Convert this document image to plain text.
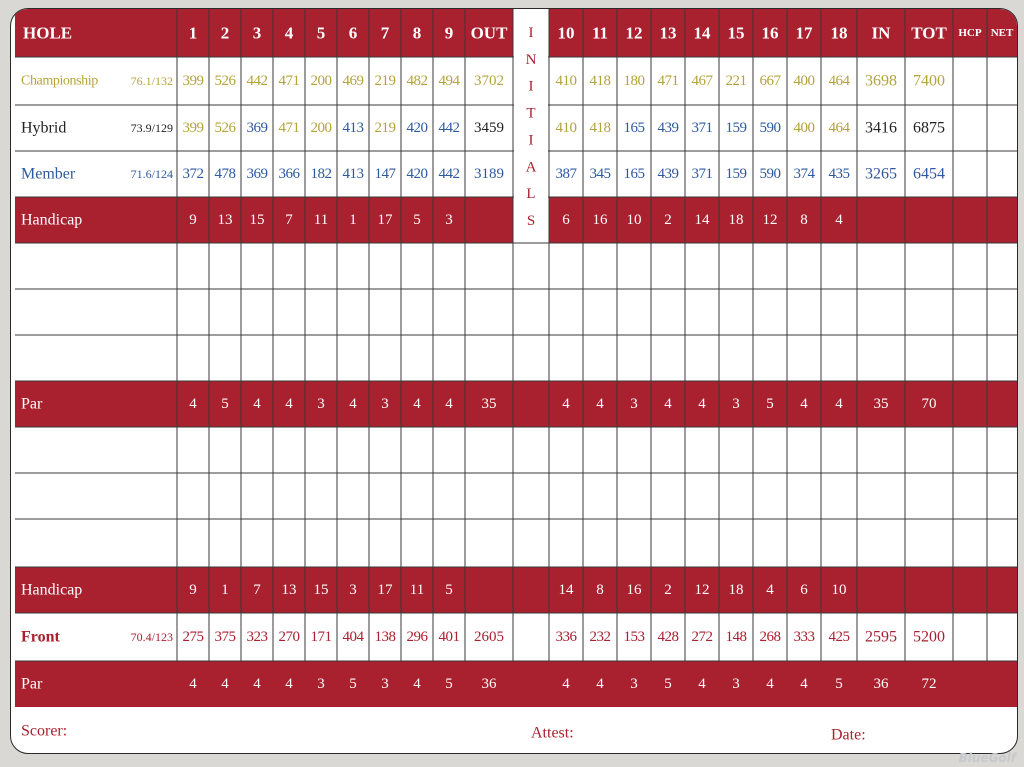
HOLE	1 2 3 4 5 6 7 8 9 OUT	10 11 12 13 14 15 16 17 18 IN TOT HCP NET
I
N
I
T
I
A
L
S
Championship	76.1/132 399 526 442 471 200 469 219 482 494 3702	410 418 180 471 467 221 667 400 464 3698 7400
Hybrid	73.9/129 399 526 369 471 200 413 219 420 442 3459	410 418 165 439 371 159 590 400 464 3416 6875
Member	71.6/124 372 478 369 366 182 413 147 420 442 3189	387 345 165 439 371 159 590 374 435 3265 6454
Handicap	9 13 15 7 11 1 17 5 3	6 16 10 2 14 18 12 8 4
Par	4 5 4 4 3 4 3 4 4 35	4 4 3 4 4 3 5 4 4 35 70
Handicap	9 1 7 13 15 3 17 11 5	14 8 16 2 12 18 4 6 10
Front	70.4/123 275 375 323 270 171 404 138 296 401 2605	336 232 153 428 272 148 268 333 425 2595 5200
Par	4 4 4 4 3 5 3 4 5 36	4 4 3 5 4 3 4 4 5 36 72
Scorer:	Attest:	Date:
BlueGolf
